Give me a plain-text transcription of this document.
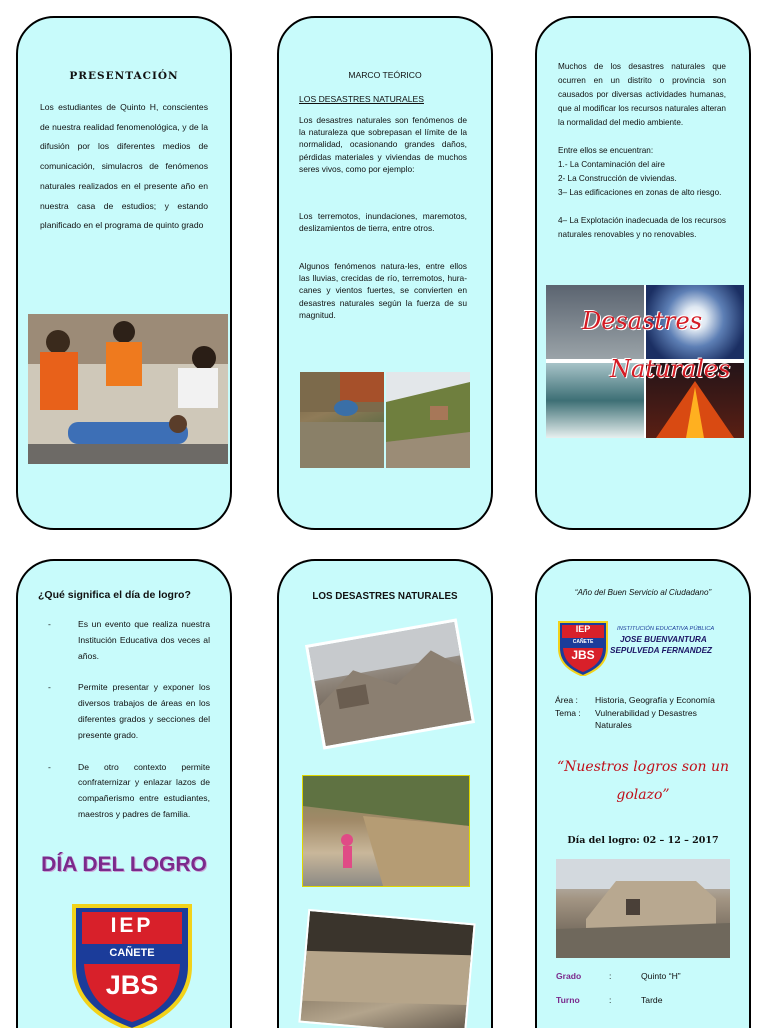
PRESENTACIÓN
Los estudiantes de Quinto H, conscientes de nuestra realidad fenomenológica, y de la difusión por los diferentes medios de comunicación, simulacros de fenómenos naturales realizados en el presente año en nuestra casa de estudios; y estando planificado en el programa de quinto grado
MARCO TEÓRICO
LOS DESASTRES NATURALES
Los desastres naturales son fenómenos de la naturaleza que sobrepasan el límite de la normalidad, ocasionando grandes daños, pérdidas materiales y viviendas de muchos seres vivos, como por ejemplo:
Los terremotos, inundaciones, maremotos, deslizamientos de tierra, entre otros.
Algunos fenómenos natura-les, entre ellos las lluvias, crecidas de río, terremotos, hura-canes y vientos fuertes, se convierten en desastres naturales según la fuerza de su magnitud.
Muchos de los desastres naturales que ocurren en un distrito o provincia son causados por diversas actividades humanas, que al modificar los recursos naturales alteran la normalidad del medio ambiente.
Entre ellos se encuentran:
1.- La Contaminación del aire
2- La Construcción de viviendas.
3– Las edificaciones en zonas de alto riesgo.
4– La Explotación inadecuada de los recursos naturales renovables y no renovables.
Desastres
Naturales
¿Qué significa el día de logro?
- Es un evento que realiza nuestra Institución Educativa dos veces al años.
- Permite presentar y exponer los diversos trabajos de áreas en los diferentes grados y secciones del presente grado.
- De otro contexto permite confraternizar y enlazar lazos de compañerismo entre estudiantes, maestros y padres de familia.
DÍA DEL LOGRO
IEP
CAÑETE
JBS
LOS DESASTRES NATURALES	“Año del Buen Servicio al Ciudadano”
IEP
CAÑETE
JBS
INSTITUCIÓN EDUCATIVA PÚBLICA
JOSE BUENVANTURA
SEPULVEDA FERNANDEZ
Área : Historia, Geografía y Economía
Tema : Vulnerabilidad y Desastres
Naturales
“Nuestros logros son un
golazo”
Día del logro: 02 – 12 – 2017
Grado	:	Quinto “H”
Turno	:	Tarde
